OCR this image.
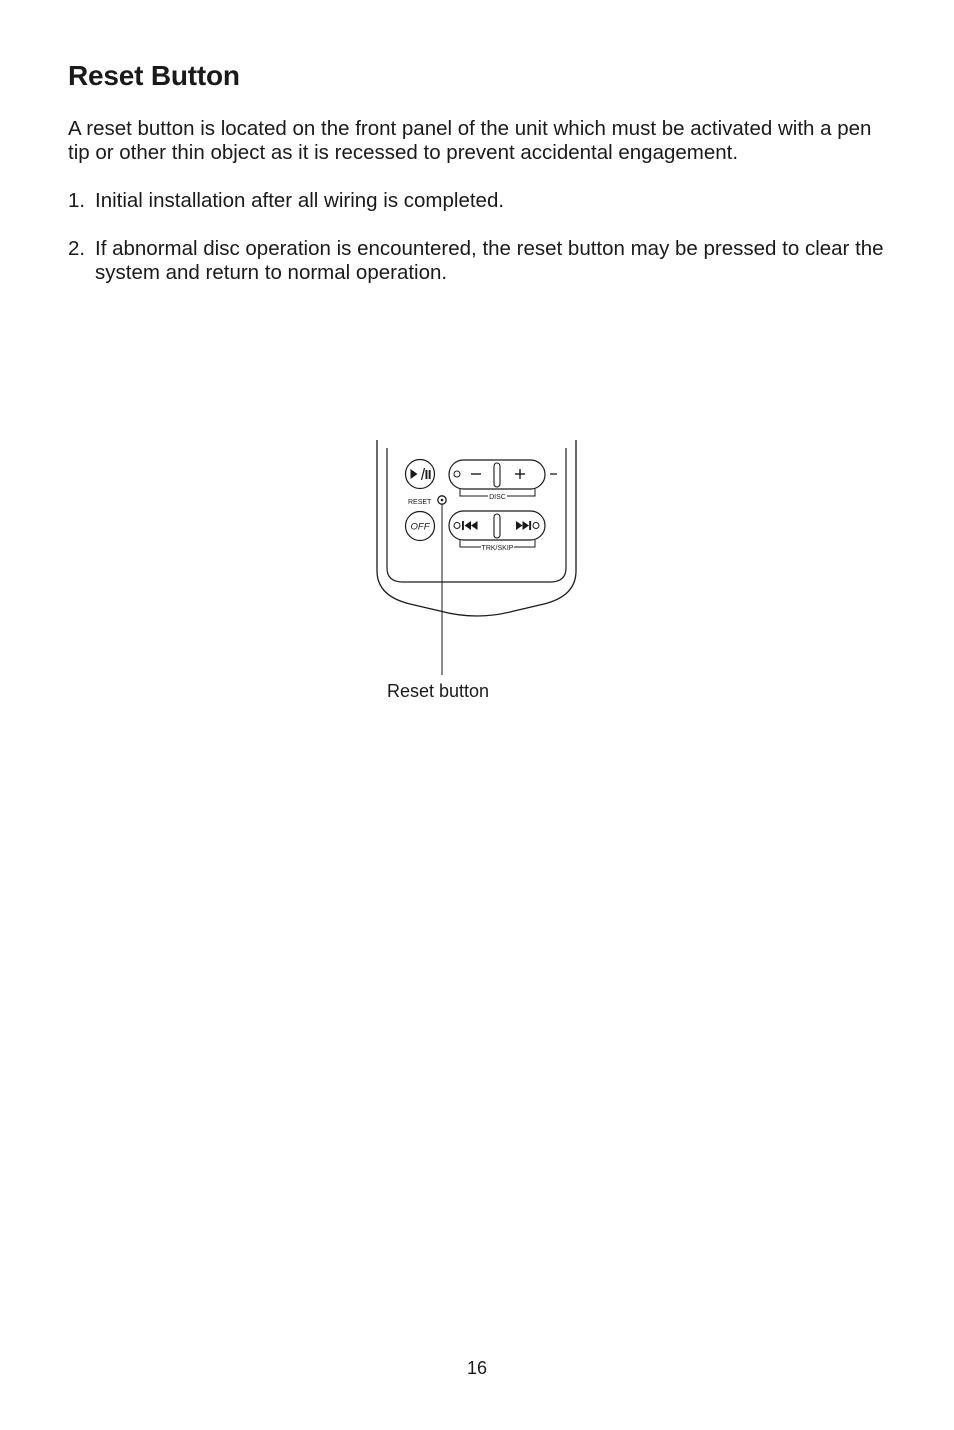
Reset Button

A reset button is located on the front panel of the unit which must be activated with a pen tip or other thin object as it is recessed to prevent accidental engagement.

1. Initial installation after all wiring is completed.
2. If abnormal disc operation is encountered, the reset button may be pressed to clear the system and return to normal operation.
DISC
RESET
OFF
TRK/SKIP
Reset button
16
